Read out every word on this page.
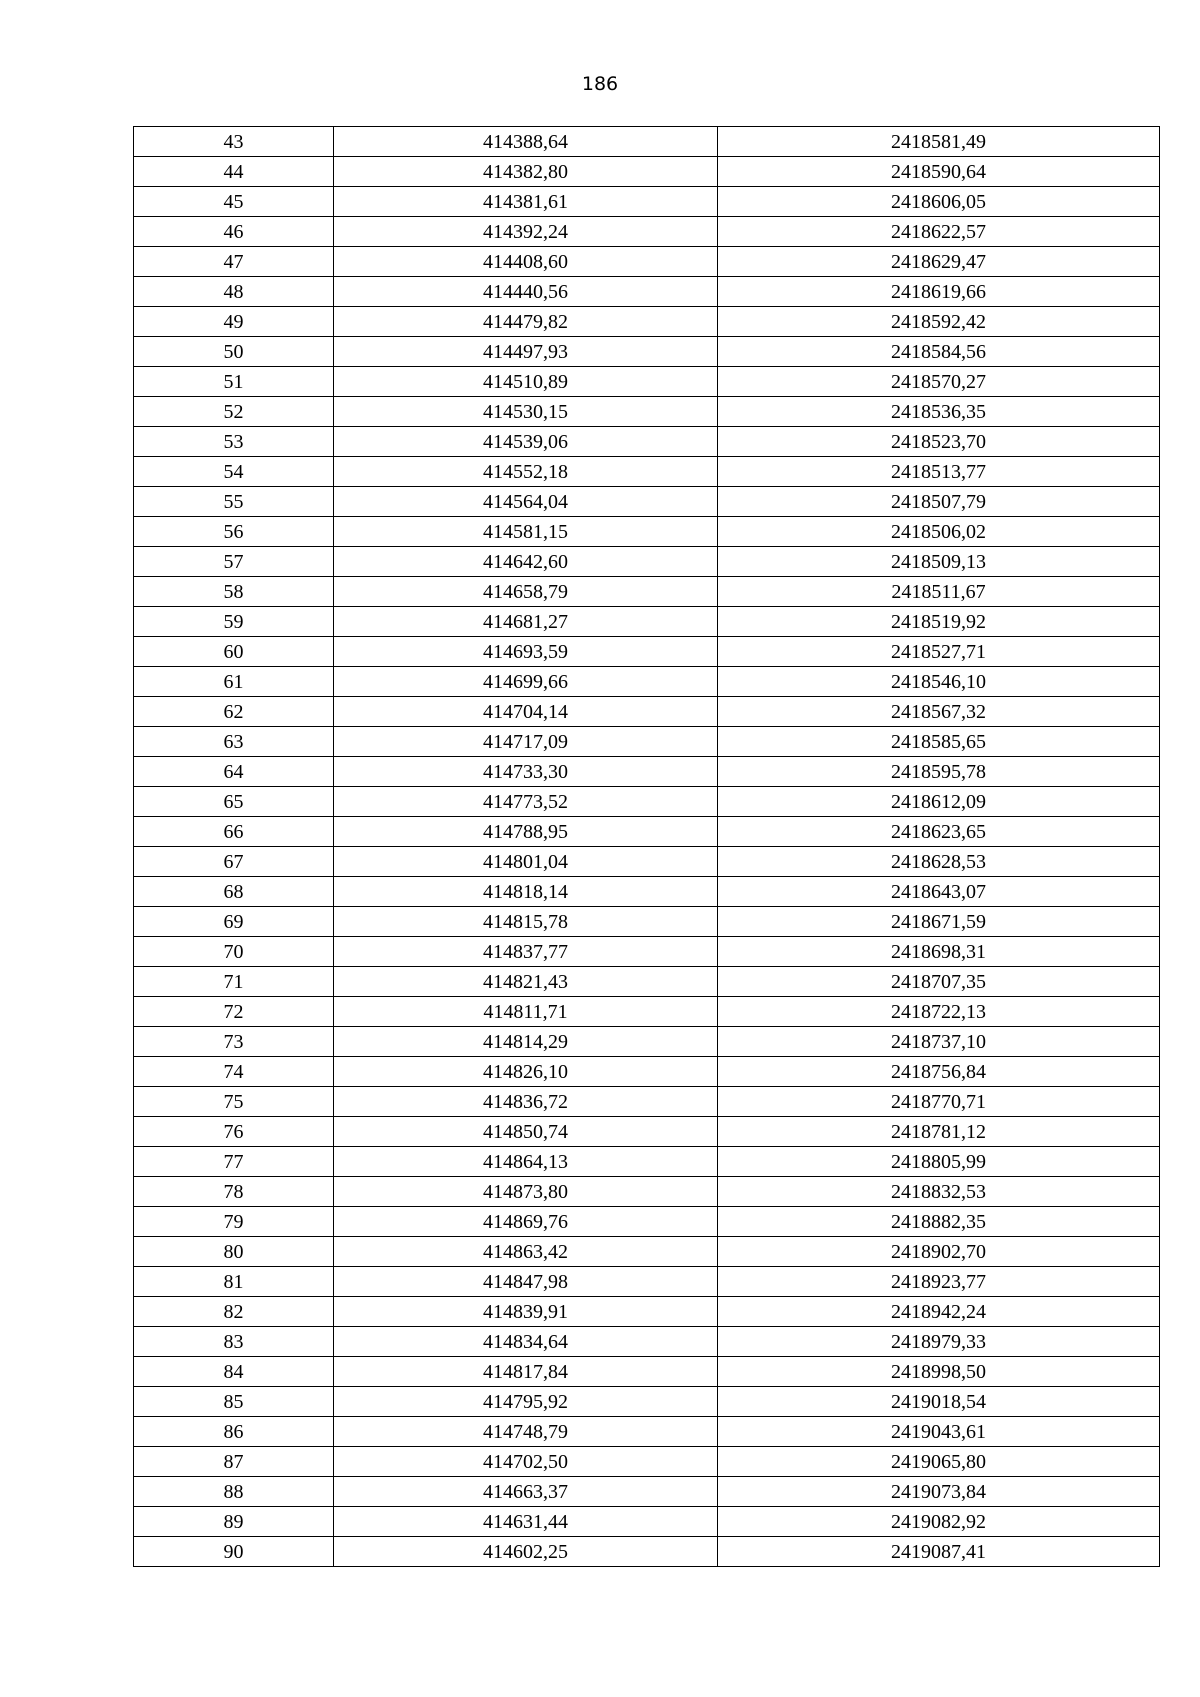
186
43	414388,64	2418581,49
44	414382,80	2418590,64
45	414381,61	2418606,05
46	414392,24	2418622,57
47	414408,60	2418629,47
48	414440,56	2418619,66
49	414479,82	2418592,42
50	414497,93	2418584,56
51	414510,89	2418570,27
52	414530,15	2418536,35
53	414539,06	2418523,70
54	414552,18	2418513,77
55	414564,04	2418507,79
56	414581,15	2418506,02
57	414642,60	2418509,13
58	414658,79	2418511,67
59	414681,27	2418519,92
60	414693,59	2418527,71
61	414699,66	2418546,10
62	414704,14	2418567,32
63	414717,09	2418585,65
64	414733,30	2418595,78
65	414773,52	2418612,09
66	414788,95	2418623,65
67	414801,04	2418628,53
68	414818,14	2418643,07
69	414815,78	2418671,59
70	414837,77	2418698,31
71	414821,43	2418707,35
72	414811,71	2418722,13
73	414814,29	2418737,10
74	414826,10	2418756,84
75	414836,72	2418770,71
76	414850,74	2418781,12
77	414864,13	2418805,99
78	414873,80	2418832,53
79	414869,76	2418882,35
80	414863,42	2418902,70
81	414847,98	2418923,77
82	414839,91	2418942,24
83	414834,64	2418979,33
84	414817,84	2418998,50
85	414795,92	2419018,54
86	414748,79	2419043,61
87	414702,50	2419065,80
88	414663,37	2419073,84
89	414631,44	2419082,92
90	414602,25	2419087,41
